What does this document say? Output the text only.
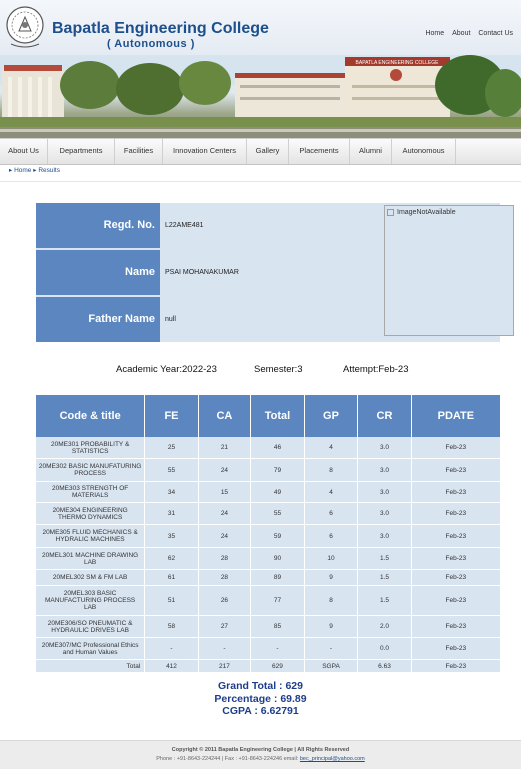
Bapatla Engineering College
( Autonomous )
Home About Contact Us
BAPATLA ENGINEERING COLLEGE
About Us	Departments	Facilities	Innovation Centers	Gallery	Placements	Alumni	Autonomous
▸ Home ▸ Results
Regd. No.	L22AME481
Name	PSAI MOHANAKUMAR
Father Name	null
ImageNotAvailable
Academic Year:2022-23	Semester:3	Attempt:Feb-23
Code & title	FE	CA	Total	GP	CR	PDATE
20ME301 PROBABILITY & STATISTICS	25	21	46	4	3.0	Feb-23
20ME302 BASIC MANUFATURING PROCESS	55	24	79	8	3.0	Feb-23
20ME303 STRENGTH OF MATERIALS	34	15	49	4	3.0	Feb-23
20ME304 ENGINEERING THERMO DYNAMICS	31	24	55	6	3.0	Feb-23
20ME305 FLUID MECHANICS & HYDRALIC MACHINES	35	24	59	6	3.0	Feb-23
20MEL301 MACHINE DRAWING LAB	62	28	90	10	1.5	Feb-23
20MEL302 SM & FM LAB	61	28	89	9	1.5	Feb-23
20MEL303 BASIC MANUFACTURING PROCESS LAB	51	26	77	8	1.5	Feb-23
20ME306/SO PNEUMATIC & HYDRAULIC DRIVES LAB	58	27	85	9	2.0	Feb-23
20ME307/MC Professional Ethics and Human Values	-	-	-	-	0.0	Feb-23
Total	412	217	629	SGPA	6.63	Feb-23
Grand Total : 629
Percentage : 69.89
CGPA : 6.62791
Copyright © 2011 Bapatla Engineering College | All Rights Reserved
Phone : +91-8643-224244 | Fax : +91-8643-224246 email: bec_principal@yahoo.com
